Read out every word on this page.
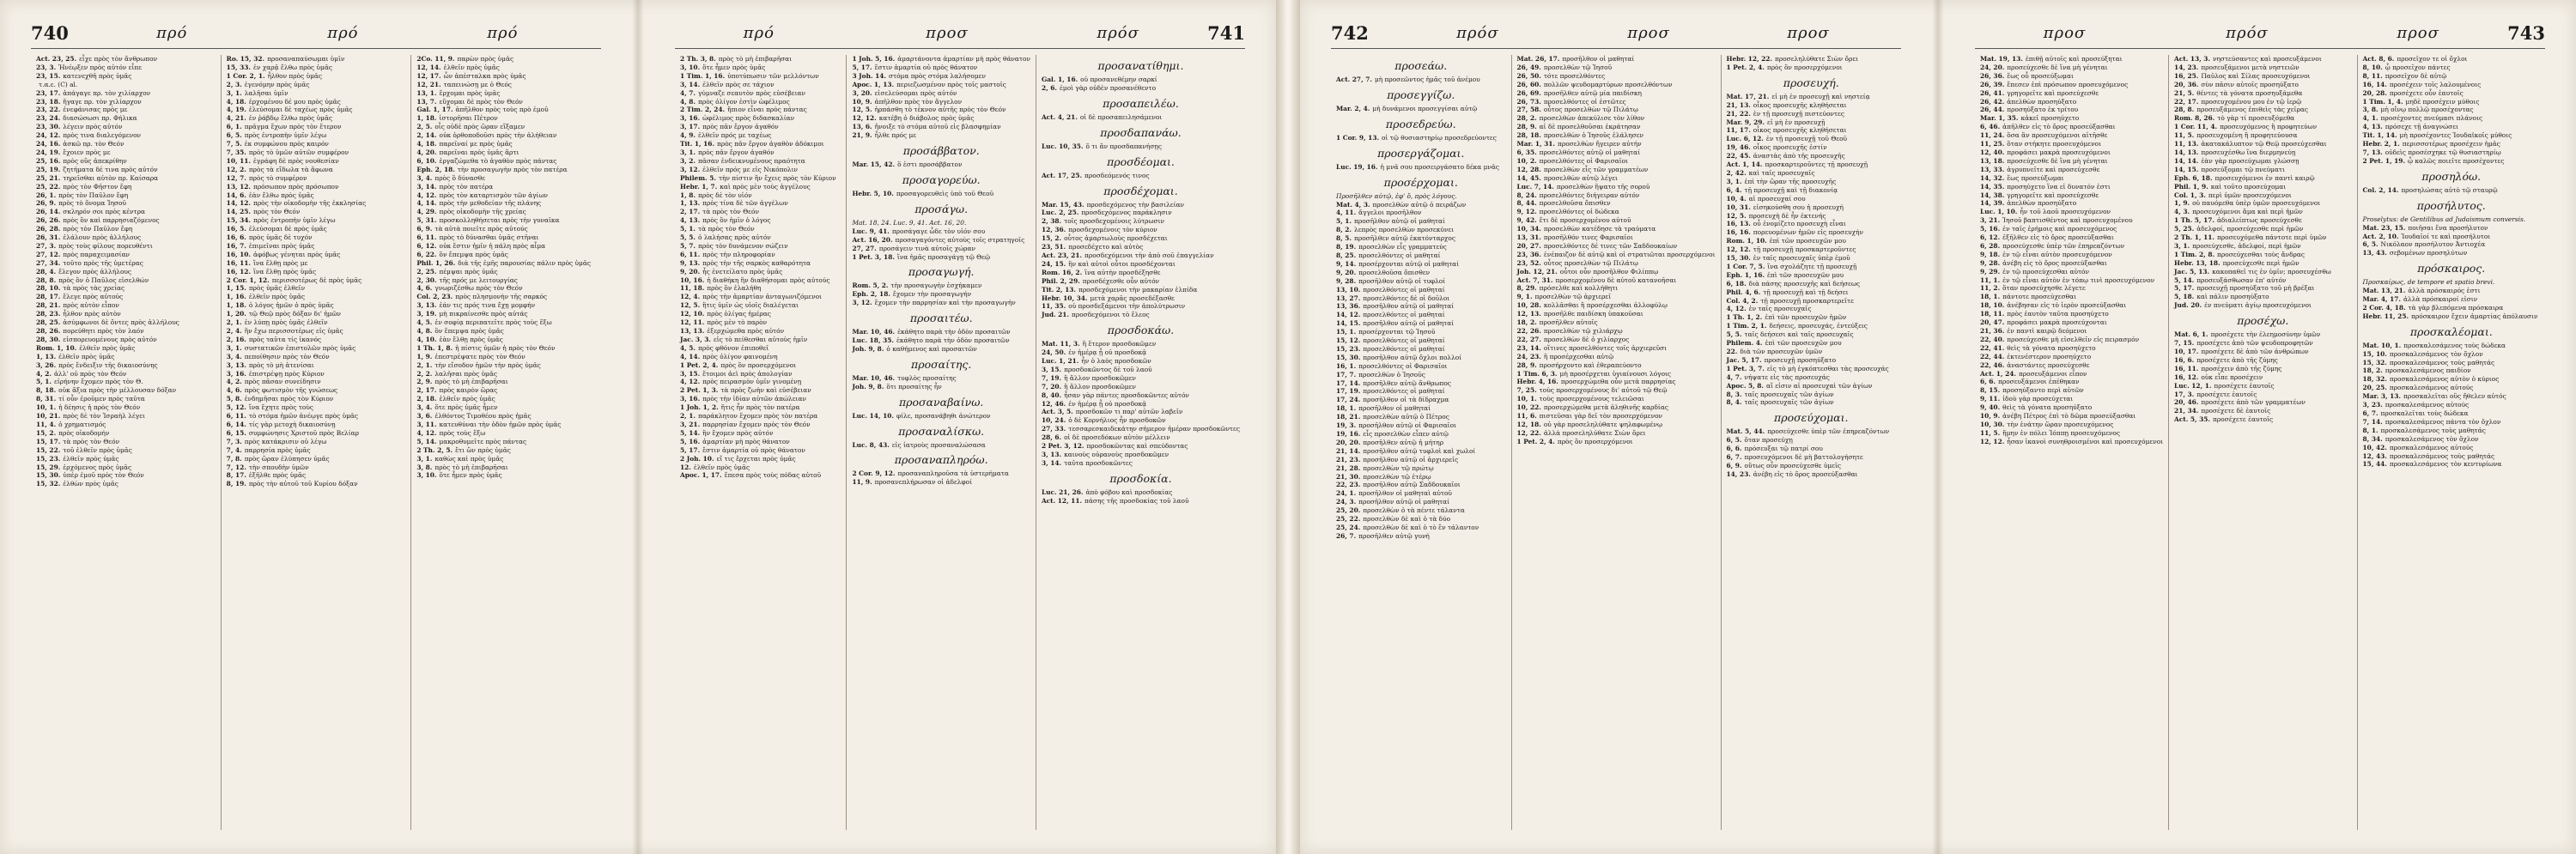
740	πρό	πρό	πρό
Act. 23, 25. εἶχε πρὸς τὸν ἄνθρωπον
23, 3. Ἠνέῳξεν πρὸς αὐτόν εἶπε
23, 15. κατενεχθῆ πρὸς ὑμᾶς
τ.α.ε. (C) al.
23, 17. ἀπάγαγε πρ. τὸν χιλίαρχον
23, 18. ἤγαγε πρ. τὸν χιλίαρχον
23, 22. ἐνεφάνισας πρὸς με
23, 24. διασώσωσι πρ. Φήλικα
23, 30. λέγειν πρὸς αὐτόν
24, 12. πρὸς τινα διαλεγόμενον
24, 16. ἀσκῶ πρ. τὸν Θεόν
24, 19. ἔχοιεν πρὸς με
25, 16. πρὸς οὓς ἀπεκρίθην
25, 19. ζητήματα δέ τινα πρὸς αὐτόν
25, 21. τηρεῖσθαι αὐτὸν πρ. Καίσαρα
25, 22. πρὸς τὸν Φῆστον ἔφη
26, 1. πρὸς τὸν Παῦλον ἔφη
26, 9. πρὸς τὸ ὄνομα Ἰησοῦ
26, 14. σκληρόν σοι πρὸς κέντρα
26, 26. πρὸς ὃν καὶ παρρησιαζόμενος
26, 28. πρὸς τὸν Παῦλον ἔφη
26, 31. ἐλάλουν πρὸς ἀλλήλους
27, 3. πρὸς τοὺς φίλους πορευθέντι
27, 12. πρὸς παραχειμασίαν
27, 34. τοῦτο πρὸς τῆς ὑμετέρας
28, 4. ἔλεγον πρὸς ἀλλήλους
28, 8. πρὸς ὃν ὁ Παῦλος εἰσελθών
28, 10. τὰ πρὸς τὰς χρείας
28, 17. ἔλεγε πρὸς αὐτούς
28, 21. πρὸς αὐτὸν εἶπον
28, 23. ἦλθον πρὸς αὐτὸν
28, 25. ἀσύμφωνοι δὲ ὄντες πρὸς ἀλλήλους
28, 26. πορεύθητι πρὸς τὸν λαόν
28, 30. εἰσπορευομένους πρὸς αὐτόν
Rom. 1, 10. ἐλθεῖν πρὸς ὑμᾶς
1, 13. ἐλθεῖν πρὸς ὑμᾶς
3, 26. πρὸς ἔνδειξιν τῆς δικαιοσύνης
4, 2. ἀλλ' οὐ πρὸς τὸν Θεόν
5, 1. εἰρήνην ἔχομεν πρὸς τὸν Θ.
8, 18. οὐκ ἄξια πρὸς τὴν μέλλουσαν δόξαν
8, 31. τί οὖν ἐροῦμεν πρὸς ταῦτα
10, 1. ἡ δέησις ἡ πρὸς τὸν Θεόν
10, 21. πρὸς δὲ τὸν Ἰσραὴλ λέγει
11, 4. ὁ χρηματισμός
15, 2. πρὸς οἰκοδομήν
15, 17. τὰ πρὸς τὸν Θεόν
15, 22. τοῦ ἐλθεῖν πρὸς ὑμᾶς
15, 23. ἐλθεῖν πρὸς ὑμᾶς
15, 29. ἐρχόμενος πρὸς ὑμᾶς
15, 30. ὑπὲρ ἐμοῦ πρὸς τὸν Θεόν
15, 32. ἐλθὼν πρὸς ὑμᾶς
Ro. 15, 32. προσαναπαύσωμαι ὑμῖν
15, 33. ἐν χαρᾷ ἔλθω πρὸς ὑμᾶς
1 Cor. 2, 1. ἦλθον πρὸς ὑμᾶς
2, 3. ἐγενόμην πρὸς ὑμᾶς
3, 1. λαλῆσαι ὑμῖν
4, 18. ἐρχομένου δέ μου πρὸς ὑμᾶς
4, 19. ἐλεύσομαι δὲ ταχέως πρὸς ὑμᾶς
4, 21. ἐν ῥάβδῳ ἔλθω πρὸς ὑμᾶς
6, 1. πρᾶγμα ἔχων πρὸς τὸν ἕτερον
6, 5. πρὸς ἐντροπὴν ὑμῖν λέγω
7, 5. ἐκ συμφώνου πρὸς καιρόν
7, 35. πρὸς τὸ ὑμῶν αὐτῶν συμφέρον
10, 11. ἐγράφη δὲ πρὸς νουθεσίαν
12, 2. πρὸς τὰ εἴδωλα τὰ ἄφωνα
12, 7. πρὸς τὸ συμφέρον
13, 12. πρόσωπον πρὸς πρόσωπον
14, 6. ἐὰν ἔλθω πρὸς ὑμᾶς
14, 12. πρὸς τὴν οἰκοδομὴν τῆς ἐκκλησίας
14, 25. πρὸς τὸν Θεόν
15, 34. πρὸς ἐντροπὴν ὑμῖν λέγω
16, 5. ἐλεύσομαι δὲ πρὸς ὑμᾶς
16, 6. πρὸς ὑμᾶς δὲ τυχόν
16, 7. ἐπιμεῖναι πρὸς ὑμᾶς
16, 10. ἀφόβως γένηται πρὸς ὑμᾶς
16, 11. ἵνα ἔλθῃ πρὸς με
16, 12. ἵνα ἔλθῃ πρὸς ὑμᾶς
2 Cor. 1, 12. περισσοτέρως δὲ πρὸς ὑμᾶς
1, 15. πρὸς ὑμᾶς ἐλθεῖν
1, 16. ἐλθεῖν πρὸς ὑμᾶς
1, 18. ὁ λόγος ἡμῶν ὁ πρὸς ὑμᾶς
1, 20. τῷ Θεῷ πρὸς δόξαν δι' ἡμῶν
2, 1. ἐν λύπῃ πρὸς ὑμᾶς ἐλθεῖν
2, 4. ἣν ἔχω περισσοτέρως εἰς ὑμᾶς
2, 16. πρὸς ταῦτα τίς ἱκανός
3, 1. συστατικῶν ἐπιστολῶν πρὸς ὑμᾶς
3, 4. πεποίθησιν πρὸς τὸν Θεόν
3, 13. πρὸς τὸ μὴ ἀτενίσαι
3, 16. ἐπιστρέψῃ πρὸς Κύριον
4, 2. πρὸς πᾶσαν συνείδησιν
4, 6. πρὸς φωτισμὸν τῆς γνώσεως
5, 8. ἐνδημῆσαι πρὸς τὸν Κύριον
5, 12. ἵνα ἔχητε πρὸς τοὺς
6, 11. τὸ στόμα ἡμῶν ἀνέῳγε πρὸς ὑμᾶς
6, 14. τίς γὰρ μετοχὴ δικαιοσύνῃ
6, 15. συμφώνησις Χριστοῦ πρὸς Βελίαρ
7, 3. πρὸς κατάκρισιν οὐ λέγω
7, 4. παρρησία πρὸς ὑμᾶς
7, 8. πρὸς ὥραν ἐλύπησεν ὑμᾶς
7, 12. τὴν σπουδὴν ὑμῶν
8, 17. ἐξῆλθε πρὸς ὑμᾶς
8, 19. πρὸς τὴν αὐτοῦ τοῦ Κυρίου δόξαν
2Co. 11, 9. παρὼν πρὸς ὑμᾶς
12, 14. ἐλθεῖν πρὸς ὑμᾶς
12, 17. ὧν ἀπέσταλκα πρὸς ὑμᾶς
12, 21. ταπεινώσῃ με ὁ Θεός
13, 1. ἔρχομαι πρὸς ὑμᾶς
13, 7. εὔχομαι δὲ πρὸς τὸν Θεόν
Gal. 1, 17. ἀπῆλθον πρὸς τοὺς πρὸ ἐμοῦ
1, 18. ἱστορῆσαι Πέτρον
2, 5. οἷς οὐδὲ πρὸς ὥραν εἴξαμεν
2, 14. οὐκ ὀρθοποδοῦσι πρὸς τὴν ἀλήθειαν
4, 18. παρεῖναί με πρὸς ὑμᾶς
4, 20. παρεῖναι πρὸς ὑμᾶς ἄρτι
6, 10. ἐργαζώμεθα τὸ ἀγαθὸν πρὸς πάντας
Eph. 2, 18. τὴν προσαγωγὴν πρὸς τὸν πατέρα
3, 4. πρὸς ὃ δύνασθε
3, 14. πρὸς τὸν πατέρα
4, 12. πρὸς τὸν καταρτισμὸν τῶν ἁγίων
4, 14. πρὸς τὴν μεθοδείαν τῆς πλάνης
4, 29. πρὸς οἰκοδομὴν τῆς χρείας
5, 31. προσκολληθήσεται πρὸς τὴν γυναῖκα
6, 9. τὰ αὐτὰ ποιεῖτε πρὸς αὐτούς
6, 11. πρὸς τὸ δύνασθαι ὑμᾶς στῆναι
6, 12. οὐκ ἔστιν ἡμῖν ἡ πάλη πρὸς αἷμα
6, 22. ὃν ἔπεμψα πρὸς ὑμᾶς
Phil. 1, 26. διὰ τῆς ἐμῆς παρουσίας πάλιν πρὸς ὑμᾶς
2, 25. πέμψαι πρὸς ὑμᾶς
2, 30. τῆς πρός με λειτουργίας
4, 6. γνωριζέσθω πρὸς τὸν Θεόν
Col. 2, 23. πρὸς πλησμονὴν τῆς σαρκός
3, 13. ἐάν τις πρός τινα ἔχῃ μομφήν
3, 19. μὴ πικραίνεσθε πρὸς αὐτάς
4, 5. ἐν σοφίᾳ περιπατεῖτε πρὸς τοὺς ἔξω
4, 8. ὃν ἔπεμψα πρὸς ὑμᾶς
4, 10. ἐὰν ἔλθῃ πρὸς ὑμᾶς
1 Th. 1, 8. ἡ πίστις ὑμῶν ἡ πρὸς τὸν Θεόν
1, 9. ἐπεστρέψατε πρὸς τὸν Θεόν
2, 1. τὴν εἴσοδον ἡμῶν τὴν πρὸς ὑμᾶς
2, 2. λαλῆσαι πρὸς ὑμᾶς
2, 9. πρὸς τὸ μὴ ἐπιβαρῆσαι
2, 17. πρὸς καιρὸν ὥρας
2, 18. ἐλθεῖν πρὸς ὑμᾶς
3, 4. ὅτε πρὸς ὑμᾶς ἦμεν
3, 6. ἐλθόντος Τιμοθέου πρὸς ἡμᾶς
3, 11. κατευθύναι τὴν ὁδὸν ἡμῶν πρὸς ὑμᾶς
4, 12. πρὸς τοὺς ἔξω
5, 14. μακροθυμεῖτε πρὸς πάντας
2 Th. 2, 5. ἔτι ὢν πρὸς ὑμᾶς
3, 1. καθὼς καὶ πρὸς ὑμᾶς
3, 8. πρὸς τὸ μὴ ἐπιβαρῆσαι
3, 10. ὅτε ἦμεν πρὸς ὑμᾶς
741
πρό	προσ	πρόσ
2 Th. 3, 8. πρὸς τὸ μὴ ἐπιβαρῆσαι
3, 10. ὅτε ἦμεν πρὸς ὑμᾶς
1 Tim. 1, 16. ὑποτύπωσιν τῶν μελλόντων
3, 14. ἐλθεῖν πρὸς σε τάχιον
4, 7. γύμναζε σεαυτὸν πρὸς εὐσέβειαν
4, 8. πρὸς ὀλίγον ἐστὶν ὠφέλιμος
2 Tim. 2, 24. ἤπιον εἶναι πρὸς πάντας
3, 16. ὠφέλιμος πρὸς διδασκαλίαν
3, 17. πρὸς πᾶν ἔργον ἀγαθόν
4, 9. ἐλθεῖν πρός με ταχέως
Tit. 1, 16. πρὸς πᾶν ἔργον ἀγαθὸν ἀδόκιμοι
3, 1. πρὸς πᾶν ἔργον ἀγαθόν
3, 2. πᾶσαν ἐνδεικνυμένους πραότητα
3, 12. ἐλθεῖν πρός με εἰς Νικόπολιν
Philem. 5. τὴν πίστιν ἣν ἔχεις πρὸς τὸν Κύριον
Hebr. 1, 7. καὶ πρὸς μὲν τοὺς ἀγγέλους
1, 8. πρὸς δὲ τὸν υἱόν
1, 13. πρὸς τίνα δὲ τῶν ἀγγέλων
2, 17. τὰ πρὸς τὸν Θεόν
4, 13. πρὸς ὃν ἡμῖν ὁ λόγος
5, 1. τὰ πρὸς τὸν Θεόν
5, 5. ὁ λαλήσας πρὸς αὐτόν
5, 7. πρὸς τὸν δυνάμενον σώζειν
6, 11. πρὸς τὴν πληροφορίαν
9, 13. πρὸς τὴν τῆς σαρκὸς καθαρότητα
9, 20. ἧς ἐνετείλατο πρὸς ὑμᾶς
10, 16. ἡ διαθήκη ἣν διαθήσομαι πρὸς αὐτούς
11, 18. πρὸς ὃν ἐλαλήθη
12, 4. πρὸς τὴν ἁμαρτίαν ἀνταγωνιζόμενοι
12, 5. ἥτις ὑμῖν ὡς υἱοῖς διαλέγεται
12, 10. πρὸς ὀλίγας ἡμέρας
12, 11. πρὸς μὲν τὸ παρὸν
13, 13. ἐξερχώμεθα πρὸς αὐτόν
Jac. 3, 3. εἰς τὸ πείθεσθαι αὐτοὺς ἡμῖν
4, 5. πρὸς φθόνον ἐπιποθεῖ
4, 14. πρὸς ὀλίγον φαινομένη
1 Pet. 2, 4. πρὸς ὃν προσερχόμενοι
3, 15. ἕτοιμοι ἀεὶ πρὸς ἀπολογίαν
4, 12. πρὸς πειρασμὸν ὑμῖν γινομένῃ
2 Pet. 1, 3. τὰ πρὸς ζωὴν καὶ εὐσέβειαν
3, 16. πρὸς τὴν ἰδίαν αὐτῶν ἀπώλειαν
1 Joh. 1, 2. ἥτις ἦν πρὸς τὸν πατέρα
2, 1. παράκλητον ἔχομεν πρὸς τὸν πατέρα
3, 21. παρρησίαν ἔχομεν πρὸς τὸν Θεόν
5, 14. ἣν ἔχομεν πρὸς αὐτόν
5, 16. ἁμαρτίαν μὴ πρὸς θάνατον
5, 17. ἔστιν ἁμαρτία οὐ πρὸς θάνατον
2 Joh. 10. εἴ τις ἔρχεται πρὸς ὑμᾶς
12. ἐλθεῖν πρὸς ὑμᾶς
Apoc. 1, 17. ἔπεσα πρὸς τοὺς πόδας αὐτοῦ
1 Joh. 5, 16. ἁμαρτάνοντα ἁμαρτίαν μὴ πρὸς θάνατον
5, 17. ἔστιν ἁμαρτία οὐ πρὸς θάνατον
3 Joh. 14. στόμα πρὸς στόμα λαλήσομεν
Apoc. 1, 13. περιεζωσμένον πρὸς τοῖς μαστοῖς
3, 20. εἰσελεύσομαι πρὸς αὐτόν
10, 9. ἀπῆλθον πρὸς τὸν ἄγγελον
12, 5. ἡρπάσθη τὸ τέκνον αὐτῆς πρὸς τὸν Θεόν
12, 12. κατέβη ὁ διάβολος πρὸς ὑμᾶς
13, 6. ἤνοιξε τὸ στόμα αὐτοῦ εἰς βλασφημίαν
21, 9. ἦλθε πρός με
προσάββατον.
Mar. 15, 42. ὅ ἐστι προσάββατον
προσαγορεύω.
Hebr. 5, 10. προσαγορευθεὶς ὑπὸ τοῦ Θεοῦ
προσάγω.
Mat. 18, 24. Luc. 9, 41. Act. 16, 20.
Luc. 9, 41. προσάγαγε ὧδε τὸν υἱόν σου
Act. 16, 20. προσαγαγόντες αὐτοὺς τοῖς στρατηγοῖς
27, 27. προσάγειν τινὰ αὐτοῖς χώραν
1 Pet. 3, 18. ἵνα ἡμᾶς προσαγάγῃ τῷ Θεῷ
προσαγωγή.
Rom. 5, 2. τὴν προσαγωγὴν ἐσχήκαμεν
Eph. 2, 18. ἔχομεν τὴν προσαγωγήν
3, 12. ἔχομεν τὴν παρρησίαν καὶ τὴν προσαγωγήν
προσαιτέω.
Mar. 10, 46. ἐκάθητο παρὰ τὴν ὁδὸν προσαιτῶν
Luc. 18, 35. ἐκάθητο παρὰ τὴν ὁδὸν προσαιτῶν
Joh. 9, 8. ὁ καθήμενος καὶ προσαιτῶν
προσαίτης.
Mar. 10, 46. τυφλὸς προσαίτης
Joh. 9, 8. ὅτι προσαίτης ἦν
προσαναβαίνω.
Luc. 14, 10. φίλε, προσανάβηθι ἀνώτερον
προσαναλίσκω.
Luc. 8, 43. εἰς ἰατροὺς προσαναλώσασα
προσαναπληρόω.
2 Cor. 9, 12. προσαναπληροῦσα τὰ ὑστερήματα
11, 9. προσανεπλήρωσαν οἱ ἀδελφοί
προσανατίθημι.
Gal. 1, 16. οὐ προσανεθέμην σαρκί
2, 6. ἐμοὶ γὰρ οὐδὲν προσανέθεντο
προσαπειλέω.
Act. 4, 21. οἱ δὲ προσαπειλησάμενοι
προσδαπανάω.
Luc. 10, 35. ὅ τι ἂν προσδαπανήσῃς
προσδέομαι.
Act. 17, 25. προσδεόμενός τινος
προσδέχομαι.
Mar. 15, 43. προσδεχόμενος τὴν βασιλείαν
Luc. 2, 25. προσδεχόμενος παράκλησιν
2, 38. τοῖς προσδεχομένοις λύτρωσιν
12, 36. προσδεχομένοις τὸν κύριον
15, 2. οὗτος ἁμαρτωλοὺς προσδέχεται
23, 51. προσεδέχετο καὶ αὐτὸς
Act. 23, 21. προσδεχόμενοι τὴν ἀπὸ σοῦ ἐπαγγελίαν
24, 15. ἣν καὶ αὐτοὶ οὗτοι προσδέχονται
Rom. 16, 2. ἵνα αὐτὴν προσδέξησθε
Phil. 2, 29. προσδέχεσθε οὖν αὐτόν
Tit. 2, 13. προσδεχόμενοι τὴν μακαρίαν ἐλπίδα
Hebr. 10, 34. μετὰ χαρᾶς προσεδέξασθε
11, 35. οὐ προσδεξάμενοι τὴν ἀπολύτρωσιν
Jud. 21. προσδεχόμενοι τὸ ἔλεος
προσδοκάω.
Mat. 11, 3. ἢ ἕτερον προσδοκῶμεν
24, 50. ἐν ἡμέρᾳ ᾗ οὐ προσδοκᾷ
Luc. 1, 21. ἦν ὁ λαὸς προσδοκῶν
3, 15. προσδοκῶντος δὲ τοῦ λαοῦ
7, 19. ἢ ἄλλον προσδοκῶμεν
7, 20. ἢ ἄλλον προσδοκῶμεν
8, 40. ἦσαν γὰρ πάντες προσδοκῶντες αὐτόν
12, 46. ἐν ἡμέρᾳ ᾗ οὐ προσδοκᾷ
Act. 3, 5. προσδοκῶν τι παρ' αὐτῶν λαβεῖν
10, 24. ὁ δὲ Κορνήλιος ἦν προσδοκῶν
27, 33. τεσσαρεσκαιδεκάτην σήμερον ἡμέραν προσδοκῶντες
28, 6. οἱ δὲ προσεδόκων αὐτὸν μέλλειν
2 Pet. 3, 12. προσδοκῶντας καὶ σπεύδοντας
3, 13. καινοὺς οὐρανοὺς προσδοκῶμεν
3, 14. ταῦτα προσδοκῶντες
προσδοκία.
Luc. 21, 26. ἀπὸ φόβου καὶ προσδοκίας
Act. 12, 11. πάσης τῆς προσδοκίας τοῦ λαοῦ
742	πρόσ	προσ	προσ
προσεάω.
Act. 27, 7. μὴ προσεῶντος ἡμᾶς τοῦ ἀνέμου
προσεγγίζω.
Mar. 2, 4. μὴ δυνάμενοι προσεγγίσαι αὐτῷ
προσεδρεύω.
1 Cor. 9, 13. οἱ τῷ θυσιαστηρίῳ προσεδρεύοντες
προσεργάζομαι.
Luc. 19, 16. ἡ μνᾶ σου προσειργάσατο δέκα μνᾶς
προσέρχομαι.
Προσῆλθεν αὐτῷ, ἐφ' ὅ, πρὸς λόγους.
Mat. 4, 3. προσελθὼν αὐτῷ ὁ πειράζων
4, 11. ἄγγελοι προσῆλθον
5, 1. προσῆλθον αὐτῷ οἱ μαθηταί
8, 2. λεπρὸς προσελθὼν προσεκύνει
8, 5. προσῆλθεν αὐτῷ ἑκατόνταρχος
8, 19. προσελθὼν εἷς γραμματεύς
8, 25. προσελθόντες οἱ μαθηταί
9, 14. προσέρχονται αὐτῷ οἱ μαθηταί
9, 20. προσελθοῦσα ὄπισθεν
9, 28. προσῆλθον αὐτῷ οἱ τυφλοί
13, 10. προσελθόντες οἱ μαθηταί
13, 27. προσελθόντες δὲ οἱ δοῦλοι
13, 36. προσῆλθον αὐτῷ οἱ μαθηταί
14, 12. προσελθόντες οἱ μαθηταί
14, 15. προσῆλθον αὐτῷ οἱ μαθηταί
15, 1. προσέρχονται τῷ Ἰησοῦ
15, 12. προσελθόντες οἱ μαθηταί
15, 23. προσελθόντες οἱ μαθηταί
15, 30. προσῆλθον αὐτῷ ὄχλοι πολλοί
16, 1. προσελθόντες οἱ Φαρισαῖοι
17, 7. προσελθὼν ὁ Ἰησοῦς
17, 14. προσῆλθεν αὐτῷ ἄνθρωπος
17, 19. προσελθόντες οἱ μαθηταί
17, 24. προσῆλθον οἱ τὰ δίδραχμα
18, 1. προσῆλθον οἱ μαθηταί
18, 21. προσελθὼν αὐτῷ ὁ Πέτρος
19, 3. προσῆλθον αὐτῷ οἱ Φαρισαῖοι
19, 16. εἷς προσελθὼν εἶπεν αὐτῷ
20, 20. προσῆλθεν αὐτῷ ἡ μήτηρ
21, 14. προσῆλθον αὐτῷ τυφλοὶ καὶ χωλοί
21, 23. προσῆλθον αὐτῷ οἱ ἀρχιερεῖς
21, 28. προσελθὼν τῷ πρώτῳ
21, 30. προσελθὼν τῷ ἑτέρῳ
22, 23. προσῆλθον αὐτῷ Σαδδουκαῖοι
24, 1. προσῆλθον οἱ μαθηταὶ αὐτοῦ
24, 3. προσῆλθον αὐτῷ οἱ μαθηταί
25, 20. προσελθὼν ὁ τὰ πέντε τάλαντα
25, 22. προσελθὼν δὲ καὶ ὁ τὰ δύο
25, 24. προσελθὼν δὲ καὶ ὁ τὸ ἓν τάλαντον
26, 7. προσῆλθεν αὐτῷ γυνή
Mat. 26, 17. προσῆλθον οἱ μαθηταί
26, 49. προσελθὼν τῷ Ἰησοῦ
26, 50. τότε προσελθόντες
26, 60. πολλῶν ψευδομαρτύρων προσελθόντων
26, 69. προσῆλθεν αὐτῷ μία παιδίσκη
26, 73. προσελθόντες οἱ ἑστῶτες
27, 58. οὗτος προσελθὼν τῷ Πιλάτῳ
28, 2. προσελθὼν ἀπεκύλισε τὸν λίθον
28, 9. αἱ δὲ προσελθοῦσαι ἐκράτησαν
28, 18. προσελθὼν ὁ Ἰησοῦς ἐλάλησεν
Mar. 1, 31. προσελθὼν ἤγειρεν αὐτήν
6, 35. προσελθόντες αὐτῷ οἱ μαθηταί
10, 2. προσελθόντες οἱ Φαρισαῖοι
12, 28. προσελθὼν εἷς τῶν γραμματέων
14, 45. προσελθὼν αὐτῷ λέγει
Luc. 7, 14. προσελθὼν ἥψατο τῆς σοροῦ
8, 24. προσελθόντες διήγειραν αὐτόν
8, 44. προσελθοῦσα ὄπισθεν
9, 12. προσελθόντες οἱ δώδεκα
9, 42. ἔτι δὲ προσερχομένου αὐτοῦ
10, 34. προσελθὼν κατέδησε τὰ τραύματα
13, 31. προσῆλθόν τινες Φαρισαῖοι
20, 27. προσελθόντες δέ τινες τῶν Σαδδουκαίων
23, 36. ἐνέπαιζον δὲ αὐτῷ καὶ οἱ στρατιῶται προσερχόμενοι
23, 52. οὗτος προσελθὼν τῷ Πιλάτῳ
Joh. 12, 21. οὗτοι οὖν προσῆλθον Φιλίππῳ
Act. 7, 31. προσερχομένου δὲ αὐτοῦ κατανοῆσαι
8, 29. πρόσελθε καὶ κολλήθητι
9, 1. προσελθὼν τῷ ἀρχιερεῖ
10, 28. κολλᾶσθαι ἢ προσέρχεσθαι ἀλλοφύλῳ
12, 13. προσῆλθε παιδίσκη ὑπακοῦσαι
18, 2. προσῆλθεν αὐτοῖς
22, 26. προσελθὼν τῷ χιλιάρχῳ
22, 27. προσελθὼν δὲ ὁ χιλίαρχος
23, 14. οἵτινες προσελθόντες τοῖς ἀρχιερεῦσι
24, 23. ἢ προσέρχεσθαι αὐτῷ
28, 9. προσήρχοντο καὶ ἐθεραπεύοντο
1 Tim. 6, 3. μὴ προσέρχεται ὑγιαίνουσι λόγοις
Hebr. 4, 16. προσερχώμεθα οὖν μετὰ παρρησίας
7, 25. τοὺς προσερχομένους δι' αὐτοῦ τῷ Θεῷ
10, 1. τοὺς προσερχομένους τελειῶσαι
10, 22. προσερχώμεθα μετὰ ἀληθινῆς καρδίας
11, 6. πιστεῦσαι γὰρ δεῖ τὸν προσερχόμενον
12, 18. οὐ γὰρ προσεληλύθατε ψηλαφωμένῳ
12, 22. ἀλλὰ προσεληλύθατε Σιὼν ὄρει
1 Pet. 2, 4. πρὸς ὃν προσερχόμενοι
Hebr. 12, 22. προσεληλύθατε Σιὼν ὄρει
1 Pet. 2, 4. πρὸς ὃν προσερχόμενοι
προσευχή.
Mat. 17, 21. εἰ μὴ ἐν προσευχῇ καὶ νηστείᾳ
21, 13. οἶκος προσευχῆς κληθήσεται
21, 22. ἐν τῇ προσευχῇ πιστεύοντες
Mar. 9, 29. εἰ μὴ ἐν προσευχῇ
11, 17. οἶκος προσευχῆς κληθήσεται
Luc. 6, 12. ἐν τῇ προσευχῇ τοῦ Θεοῦ
19, 46. οἶκος προσευχῆς ἐστίν
22, 45. ἀναστὰς ἀπὸ τῆς προσευχῆς
Act. 1, 14. προσκαρτεροῦντες τῇ προσευχῇ
2, 42. καὶ ταῖς προσευχαῖς
3, 1. ἐπὶ τὴν ὥραν τῆς προσευχῆς
6, 4. τῇ προσευχῇ καὶ τῇ διακονίᾳ
10, 4. αἱ προσευχαί σου
10, 31. εἰσηκούσθη σου ἡ προσευχή
12, 5. προσευχὴ δὲ ἦν ἐκτενής
16, 13. οὗ ἐνομίζετο προσευχὴ εἶναι
16, 16. πορευομένων ἡμῶν εἰς προσευχήν
Rom. 1, 10. ἐπὶ τῶν προσευχῶν μου
12, 12. τῇ προσευχῇ προσκαρτεροῦντες
15, 30. ἐν ταῖς προσευχαῖς ὑπὲρ ἐμοῦ
1 Cor. 7, 5. ἵνα σχολάζητε τῇ προσευχῇ
Eph. 1, 16. ἐπὶ τῶν προσευχῶν μου
6, 18. διὰ πάσης προσευχῆς καὶ δεήσεως
Phil. 4, 6. τῇ προσευχῇ καὶ τῇ δεήσει
Col. 4, 2. τῇ προσευχῇ προσκαρτερεῖτε
4, 12. ἐν ταῖς προσευχαῖς
1 Th. 1, 2. ἐπὶ τῶν προσευχῶν ἡμῶν
1 Tim. 2, 1. δεήσεις, προσευχάς, ἐντεύξεις
5, 5. ταῖς δεήσεσι καὶ ταῖς προσευχαῖς
Philem. 4. ἐπὶ τῶν προσευχῶν μου
22. διὰ τῶν προσευχῶν ὑμῶν
Jac. 5, 17. προσευχῇ προσηύξατο
1 Pet. 3, 7. εἰς τὸ μὴ ἐγκόπτεσθαι τὰς προσευχάς
4, 7. νήψατε εἰς τὰς προσευχάς
Apoc. 5, 8. αἵ εἰσιν αἱ προσευχαὶ τῶν ἁγίων
8, 3. ταῖς προσευχαῖς τῶν ἁγίων
8, 4. ταῖς προσευχαῖς τῶν ἁγίων
προσεύχομαι.
Mat. 5, 44. προσεύχεσθε ὑπὲρ τῶν ἐπηρεαζόντων
6, 5. ὅταν προσεύχῃ
6, 6. πρόσευξαι τῷ πατρί σου
6, 7. προσευχόμενοι δὲ μὴ βαττολογήσητε
6, 9. οὕτως οὖν προσεύχεσθε ὑμεῖς
14, 23. ἀνέβη εἰς τὸ ὄρος προσεύξασθαι
743
προσ	πρόσ	προσ
Mat. 19, 13. ἐπιθῇ αὐτοῖς καὶ προσεύξηται
24, 20. προσεύχεσθε δὲ ἵνα μὴ γένηται
26, 36. ἕως οὗ προσεύξωμαι
26, 39. ἔπεσεν ἐπὶ πρόσωπον προσευχόμενος
26, 41. γρηγορεῖτε καὶ προσεύχεσθε
26, 42. ἀπελθὼν προσηύξατο
26, 44. προσηύξατο ἐκ τρίτου
Mar. 1, 35. κἀκεῖ προσηύχετο
6, 46. ἀπῆλθεν εἰς τὸ ὄρος προσεύξασθαι
11, 24. ὅσα ἂν προσευχόμενοι αἰτῆσθε
11, 25. ὅταν στήκητε προσευχόμενοι
12, 40. προφάσει μακρὰ προσευχόμενοι
13, 18. προσεύχεσθε δὲ ἵνα μὴ γένηται
13, 33. ἀγρυπνεῖτε καὶ προσεύχεσθε
14, 32. ἕως προσεύξωμαι
14, 35. προσηύχετο ἵνα εἰ δυνατόν ἐστι
14, 38. γρηγορεῖτε καὶ προσεύχεσθε
14, 39. ἀπελθὼν προσηύξατο
Luc. 1, 10. ἦν τοῦ λαοῦ προσευχόμενον
3, 21. Ἰησοῦ βαπτισθέντος καὶ προσευχομένου
5, 16. ἐν ταῖς ἐρήμοις καὶ προσευχόμενος
6, 12. ἐξῆλθεν εἰς τὸ ὄρος προσεύξασθαι
6, 28. προσεύχεσθε ὑπὲρ τῶν ἐπηρεαζόντων
9, 18. ἐν τῷ εἶναι αὐτὸν προσευχόμενον
9, 28. ἀνέβη εἰς τὸ ὄρος προσεύξασθαι
9, 29. ἐν τῷ προσεύχεσθαι αὐτόν
11, 1. ἐν τῷ εἶναι αὐτὸν ἐν τόπῳ τινὶ προσευχόμενον
11, 2. ὅταν προσεύχησθε λέγετε
18, 1. πάντοτε προσεύχεσθαι
18, 10. ἀνέβησαν εἰς τὸ ἱερὸν προσεύξασθαι
18, 11. πρὸς ἑαυτὸν ταῦτα προσηύχετο
20, 47. προφάσει μακρὰ προσεύχονται
21, 36. ἐν παντὶ καιρῷ δεόμενοι
22, 40. προσεύχεσθε μὴ εἰσελθεῖν εἰς πειρασμόν
22, 41. θεὶς τὰ γόνατα προσηύχετο
22, 44. ἐκτενέστερον προσηύχετο
22, 46. ἀναστάντες προσεύχεσθε
Act. 1, 24. προσευξάμενοι εἶπον
6, 6. προσευξάμενοι ἐπέθηκαν
8, 15. προσηύξαντο περὶ αὐτῶν
9, 11. ἰδοὺ γὰρ προσεύχεται
9, 40. θεὶς τὰ γόνατα προσηύξατο
10, 9. ἀνέβη Πέτρος ἐπὶ τὸ δῶμα προσεύξασθαι
10, 30. τὴν ἐνάτην ὥραν προσευχόμενος
11, 5. ἤμην ἐν πόλει Ἰόππῃ προσευχόμενος
12, 12. ἦσαν ἱκανοὶ συνηθροισμένοι καὶ προσευχόμενοι
Act. 13, 3. νηστεύσαντες καὶ προσευξάμενοι
14, 23. προσευξάμενοι μετὰ νηστειῶν
16, 25. Παῦλος καὶ Σίλας προσευχόμενοι
20, 36. σὺν πᾶσιν αὐτοῖς προσηύξατο
21, 5. θέντες τὰ γόνατα προσηυξάμεθα
22, 17. προσευχομένου μου ἐν τῷ ἱερῷ
28, 8. προσευξάμενος ἐπιθεὶς τὰς χεῖρας
Rom. 8, 26. τὸ γὰρ τί προσευξόμεθα
1 Cor. 11, 4. προσευχόμενος ἢ προφητεύων
11, 5. προσευχομένη ἢ προφητεύουσα
11, 13. ἀκατακάλυπτον τῷ Θεῷ προσεύχεσθαι
14, 13. προσευχέσθω ἵνα διερμηνεύῃ
14, 14. ἐὰν γὰρ προσεύχωμαι γλώσσῃ
14, 15. προσεύξομαι τῷ πνεύματι
Eph. 6, 18. προσευχόμενοι ἐν παντὶ καιρῷ
Phil. 1, 9. καὶ τοῦτο προσεύχομαι
Col. 1, 3. περὶ ὑμῶν προσευχόμενοι
1, 9. οὐ παυόμεθα ὑπὲρ ὑμῶν προσευχόμενοι
4, 3. προσευχόμενοι ἅμα καὶ περὶ ἡμῶν
1 Th. 5, 17. ἀδιαλείπτως προσεύχεσθε
5, 25. ἀδελφοί, προσεύχεσθε περὶ ἡμῶν
2 Th. 1, 11. προσευχόμεθα πάντοτε περὶ ὑμῶν
3, 1. προσεύχεσθε, ἀδελφοί, περὶ ἡμῶν
1 Tim. 2, 8. προσεύχεσθαι τοὺς ἄνδρας
Hebr. 13, 18. προσεύχεσθε περὶ ἡμῶν
Jac. 5, 13. κακοπαθεῖ τις ἐν ὑμῖν; προσευχέσθω
5, 14. προσευξάσθωσαν ἐπ' αὐτόν
5, 17. προσευχῇ προσηύξατο τοῦ μὴ βρέξαι
5, 18. καὶ πάλιν προσηύξατο
Jud. 20. ἐν πνεύματι ἁγίῳ προσευχόμενοι
προσέχω.
Mat. 6, 1. προσέχετε τὴν ἐλεημοσύνην ὑμῶν
7, 15. προσέχετε ἀπὸ τῶν ψευδοπροφητῶν
10, 17. προσέχετε δὲ ἀπὸ τῶν ἀνθρώπων
16, 6. προσέχετε ἀπὸ τῆς ζύμης
16, 11. προσέχειν ἀπὸ τῆς ζύμης
16, 12. οὐκ εἶπε προσέχειν
Luc. 12, 1. προσέχετε ἑαυτοῖς
17, 3. προσέχετε ἑαυτοῖς
20, 46. προσέχετε ἀπὸ τῶν γραμματέων
21, 34. προσέχετε δὲ ἑαυτοῖς
Act. 5, 35. προσέχετε ἑαυτοῖς
Act. 8, 6. προσεῖχον τε οἱ ὄχλοι
8, 10. ᾧ προσεῖχον πάντες
8, 11. προσεῖχον δὲ αὐτῷ
16, 14. προσέχειν τοῖς λαλουμένοις
20, 28. προσέχετε οὖν ἑαυτοῖς
1 Tim. 1, 4. μηδὲ προσέχειν μύθοις
3, 8. μὴ οἴνῳ πολλῷ προσέχοντας
4, 1. προσέχοντες πνεύμασι πλάνοις
4, 13. πρόσεχε τῇ ἀναγνώσει
Tit. 1, 14. μὴ προσέχοντες Ἰουδαϊκοῖς μύθοις
Hebr. 2, 1. περισσοτέρως προσέχειν ἡμᾶς
7, 13. οὐδεὶς προσέσχηκε τῷ θυσιαστηρίῳ
2 Pet. 1, 19. ᾧ καλῶς ποιεῖτε προσέχοντες
προσηλόω.
Col. 2, 14. προσηλώσας αὐτὸ τῷ σταυρῷ
προσήλυτος.
Proselytus: de Gentilibus ad Judaismum conversis.
Mat. 23, 15. ποιῆσαι ἕνα προσήλυτον
Act. 2, 10. Ἰουδαῖοί τε καὶ προσήλυτοι
6, 5. Νικόλαον προσήλυτον Ἀντιοχέα
13, 43. σεβομένων προσηλύτων
πρόσκαιρος.
Προσκαίρως, de tempore et spatio brevi.
Mat. 13, 21. ἀλλὰ πρόσκαιρός ἐστι
Mar. 4, 17. ἀλλὰ πρόσκαιροί εἰσιν
2 Cor. 4, 18. τὰ γὰρ βλεπόμενα πρόσκαιρα
Hebr. 11, 25. πρόσκαιρον ἔχειν ἁμαρτίας ἀπόλαυσιν
προσκαλέομαι.
Mat. 10, 1. προσκαλεσάμενος τοὺς δώδεκα
15, 10. προσκαλεσάμενος τὸν ὄχλον
15, 32. προσκαλεσάμενος τοὺς μαθητάς
18, 2. προσκαλεσάμενος παιδίον
18, 32. προσκαλεσάμενος αὐτὸν ὁ κύριος
20, 25. προσκαλεσάμενος αὐτούς
Mar. 3, 13. προσκαλεῖται οὓς ἤθελεν αὐτός
3, 23. προσκαλεσάμενος αὐτούς
6, 7. προσκαλεῖται τοὺς δώδεκα
7, 14. προσκαλεσάμενος πάντα τὸν ὄχλον
8, 1. προσκαλεσάμενος τοὺς μαθητάς
8, 34. προσκαλεσάμενος τὸν ὄχλον
10, 42. προσκαλεσάμενος αὐτούς
12, 43. προσκαλεσάμενος τοὺς μαθητάς
15, 44. προσκαλεσάμενος τὸν κεντυρίωνα
